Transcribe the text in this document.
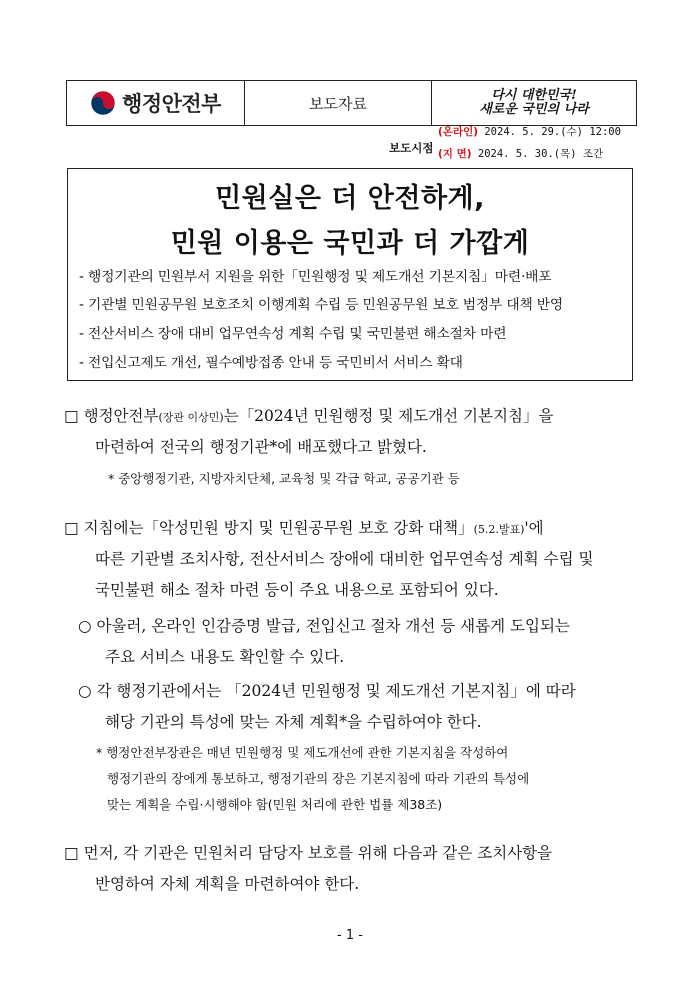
행정안전부	보도자료	다시 대한민국!
새로운 국민의 나라
보도시점
(온라인) 2024. 5. 29.(수) 12:00
(지 면) 2024. 5. 30.(목) 조간
민원실은 더 안전하게,
민원 이용은 국민과 더 가깝게
- 행정기관의 민원부서 지원을 위한「민원행정 및 제도개선 기본지침」마련·배포
- 기관별 민원공무원 보호조치 이행계획 수립 등 민원공무원 보호 범정부 대책 반영
- 전산서비스 장애 대비 업무연속성 계획 수립 및 국민불편 해소절차 마련
- 전입신고제도 개선, 필수예방접종 안내 등 국민비서 서비스 확대
□ 행정안전부(장관 이상민)는「2024년 민원행정 및 제도개선 기본지침」을
마련하여 전국의 행정기관*에 배포했다고 밝혔다.
* 중앙행정기관, 지방자치단체, 교육청 및 각급 학교, 공공기관 등
□ 지침에는「악성민원 방지 및 민원공무원 보호 강화 대책」(5.2.발표)'에
따른 기관별 조치사항, 전산서비스 장애에 대비한 업무연속성 계획 수립 및
국민불편 해소 절차 마련 등이 주요 내용으로 포함되어 있다.
○ 아울러, 온라인 인감증명 발급, 전입신고 절차 개선 등 새롭게 도입되는
주요 서비스 내용도 확인할 수 있다.
○ 각 행정기관에서는 「2024년 민원행정 및 제도개선 기본지침」에 따라
해당 기관의 특성에 맞는 자체 계획*을 수립하여야 한다.
* 행정안전부장관은 매년 민원행정 및 제도개선에 관한 기본지침을 작성하여
행정기관의 장에게 통보하고, 행정기관의 장은 기본지침에 따라 기관의 특성에
맞는 계획을 수립·시행해야 함(민원 처리에 관한 법률 제38조)
□ 먼저, 각 기관은 민원처리 담당자 보호를 위해 다음과 같은 조치사항을
반영하여 자체 계획을 마련하여야 한다.
- 1 -
